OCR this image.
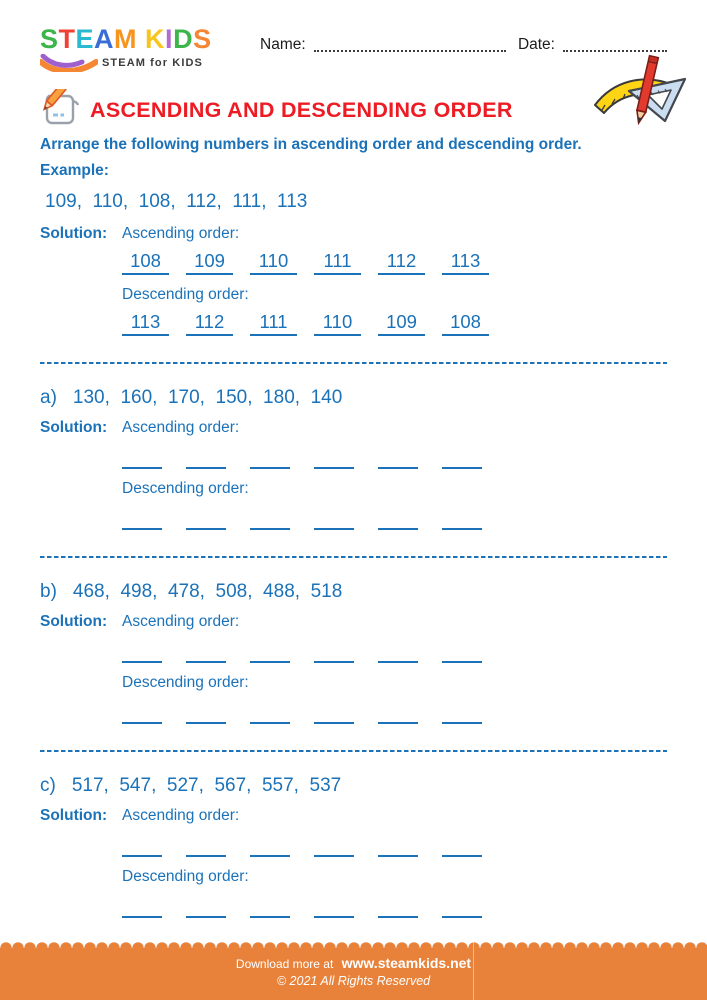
STEAM KIDS
STEAM for KIDS
Name:	Date:
ASCENDING AND DESCENDING ORDER
Arrange the following numbers in ascending order and descending order.
Example:
109,  110,  108,  112,  111,  113
Solution: Ascending order:
108	109	110	111	112	113
Descending order:
113	112	111	110	109	108
a) 130,  160,  170,  150,  180,  140
Solution: Ascending order:
Descending order:
b) 468,  498,  478,  508,  488,  518
Solution: Ascending order:
Descending order:
c) 517,  547,  527,  567,  557,  537
Solution: Ascending order:
Descending order:
Download more at www.steamkids.net
© 2021 All Rights Reserved
